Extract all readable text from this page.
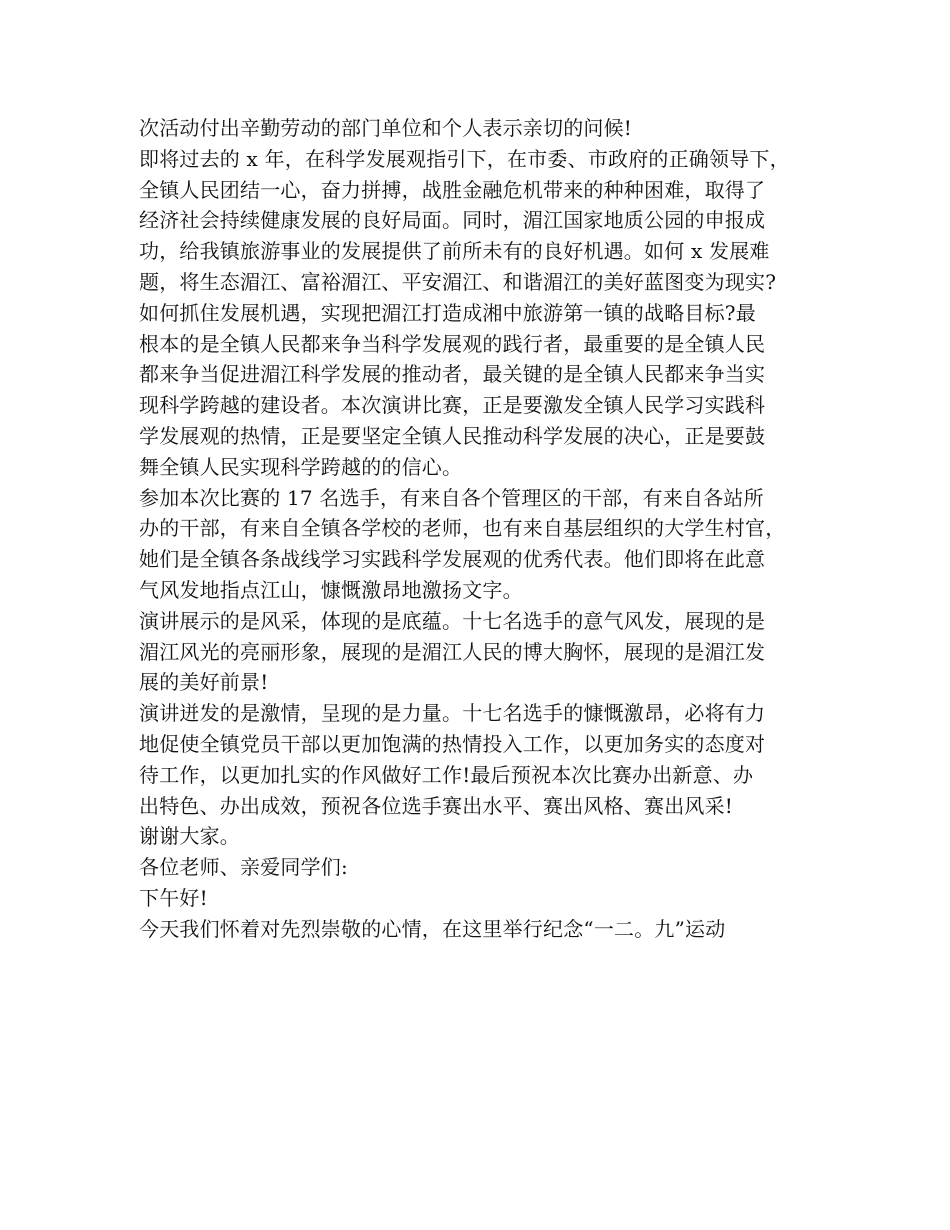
次活动付出辛勤劳动的部门单位和个人表示亲切的问候!
即将过去的 x 年，在科学发展观指引下，在市委、市政府的正确领导下，
全镇人民团结一心，奋力拼搏，战胜金融危机带来的种种困难，取得了
经济社会持续健康发展的良好局面。同时，湄江国家地质公园的申报成
功，给我镇旅游事业的发展提供了前所未有的良好机遇。如何 x 发展难
题，将生态湄江、富裕湄江、平安湄江、和谐湄江的美好蓝图变为现实?
如何抓住发展机遇，实现把湄江打造成湘中旅游第一镇的战略目标?最
根本的是全镇人民都来争当科学发展观的践行者，最重要的是全镇人民
都来争当促进湄江科学发展的推动者，最关键的是全镇人民都来争当实
现科学跨越的建设者。本次演讲比赛，正是要激发全镇人民学习实践科
学发展观的热情，正是要坚定全镇人民推动科学发展的决心，正是要鼓
舞全镇人民实现科学跨越的的信心。
参加本次比赛的 17 名选手，有来自各个管理区的干部，有来自各站所
办的干部，有来自全镇各学校的老师，也有来自基层组织的大学生村官，
她们是全镇各条战线学习实践科学发展观的优秀代表。他们即将在此意
气风发地指点江山，慷慨激昂地激扬文字。
演讲展示的是风采，体现的是底蕴。十七名选手的意气风发，展现的是
湄江风光的亮丽形象，展现的是湄江人民的博大胸怀，展现的是湄江发
展的美好前景!
演讲迸发的是激情，呈现的是力量。十七名选手的慷慨激昂，必将有力
地促使全镇党员干部以更加饱满的热情投入工作，以更加务实的态度对
待工作，以更加扎实的作风做好工作!最后预祝本次比赛办出新意、办
出特色、办出成效，预祝各位选手赛出水平、赛出风格、赛出风采!
谢谢大家。
各位老师、亲爱同学们:
下午好!
今天我们怀着对先烈崇敬的心情，在这里举行纪念“一二。九”运动
